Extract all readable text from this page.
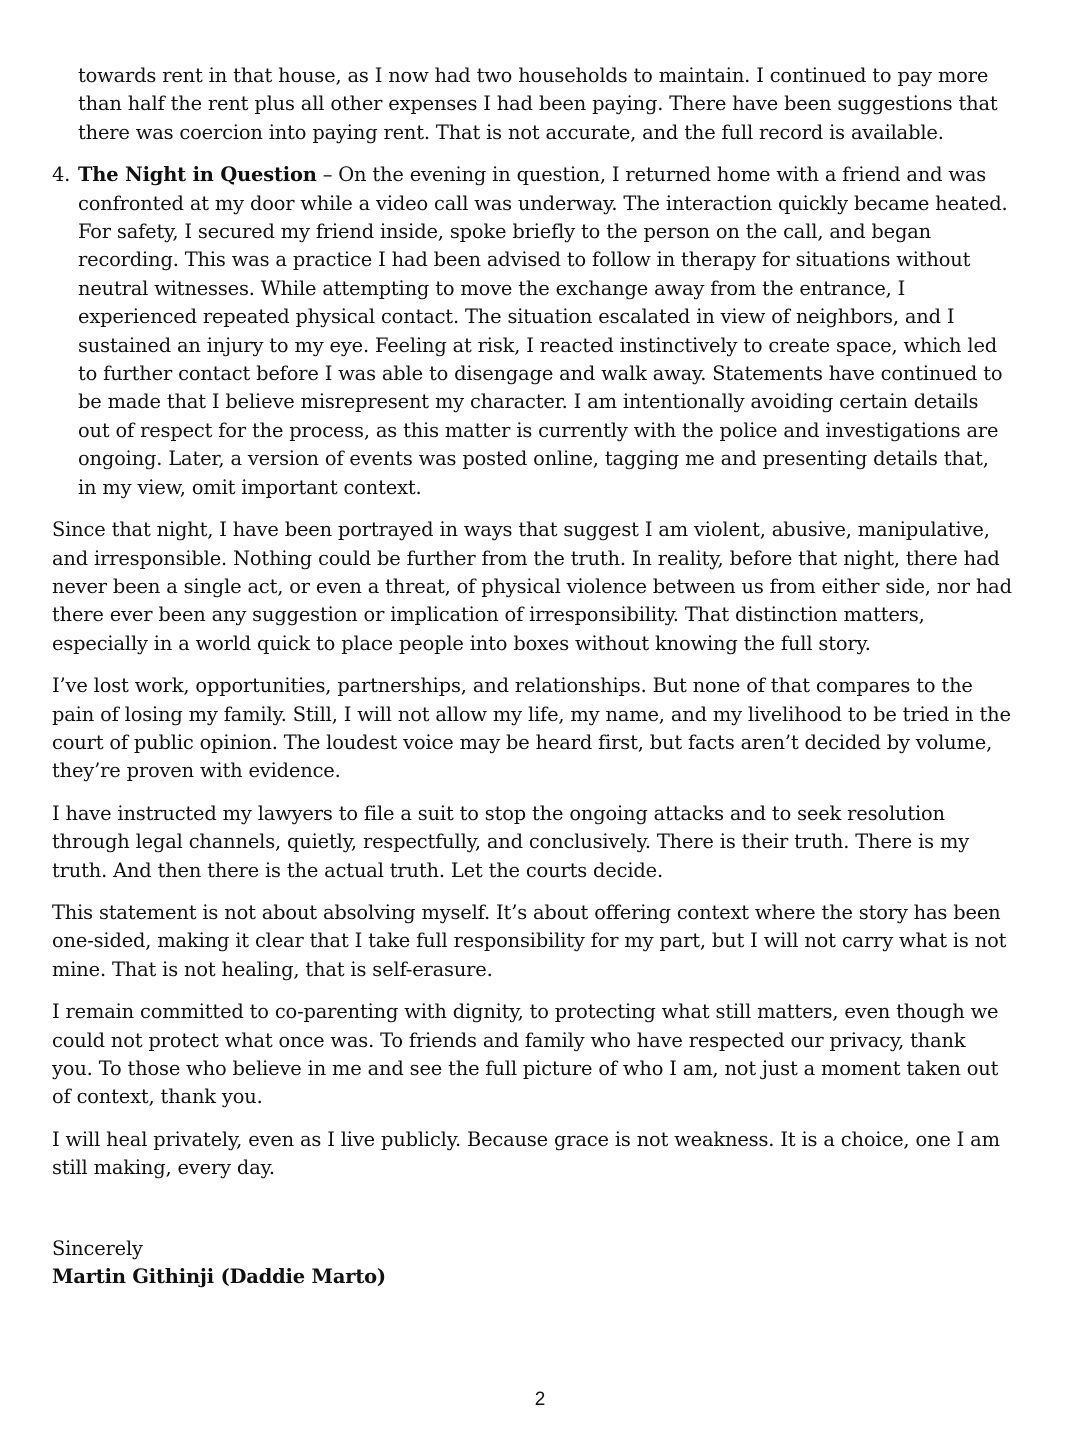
towards rent in that house, as I now had two households to maintain. I continued to pay more than half the rent plus all other expenses I had been paying. There have been suggestions that there was coercion into paying rent. That is not accurate, and the full record is available.
4. The Night in Question – On the evening in question, I returned home with a friend and was confronted at my door while a video call was underway. The interaction quickly became heated. For safety, I secured my friend inside, spoke briefly to the person on the call, and began recording. This was a practice I had been advised to follow in therapy for situations without neutral witnesses. While attempting to move the exchange away from the entrance, I experienced repeated physical contact. The situation escalated in view of neighbors, and I sustained an injury to my eye. Feeling at risk, I reacted instinctively to create space, which led to further contact before I was able to disengage and walk away. Statements have continued to be made that I believe misrepresent my character. I am intentionally avoiding certain details out of respect for the process, as this matter is currently with the police and investigations are ongoing. Later, a version of events was posted online, tagging me and presenting details that, in my view, omit important context.

Since that night, I have been portrayed in ways that suggest I am violent, abusive, manipulative, and irresponsible. Nothing could be further from the truth. In reality, before that night, there had never been a single act, or even a threat, of physical violence between us from either side, nor had there ever been any suggestion or implication of irresponsibility. That distinction matters, especially in a world quick to place people into boxes without knowing the full story.

I’ve lost work, opportunities, partnerships, and relationships. But none of that compares to the pain of losing my family. Still, I will not allow my life, my name, and my livelihood to be tried in the court of public opinion. The loudest voice may be heard first, but facts aren’t decided by volume, they’re proven with evidence.

I have instructed my lawyers to file a suit to stop the ongoing attacks and to seek resolution through legal channels, quietly, respectfully, and conclusively. There is their truth. There is my truth. And then there is the actual truth. Let the courts decide.

This statement is not about absolving myself. It’s about offering context where the story has been one-sided, making it clear that I take full responsibility for my part, but I will not carry what is not mine. That is not healing, that is self-erasure.

I remain committed to co-parenting with dignity, to protecting what still matters, even though we could not protect what once was. To friends and family who have respected our privacy, thank you. To those who believe in me and see the full picture of who I am, not just a moment taken out of context, thank you.

I will heal privately, even as I live publicly. Because grace is not weakness. It is a choice, one I am still making, every day.

Sincerely
Martin Githinji (Daddie Marto)
2
